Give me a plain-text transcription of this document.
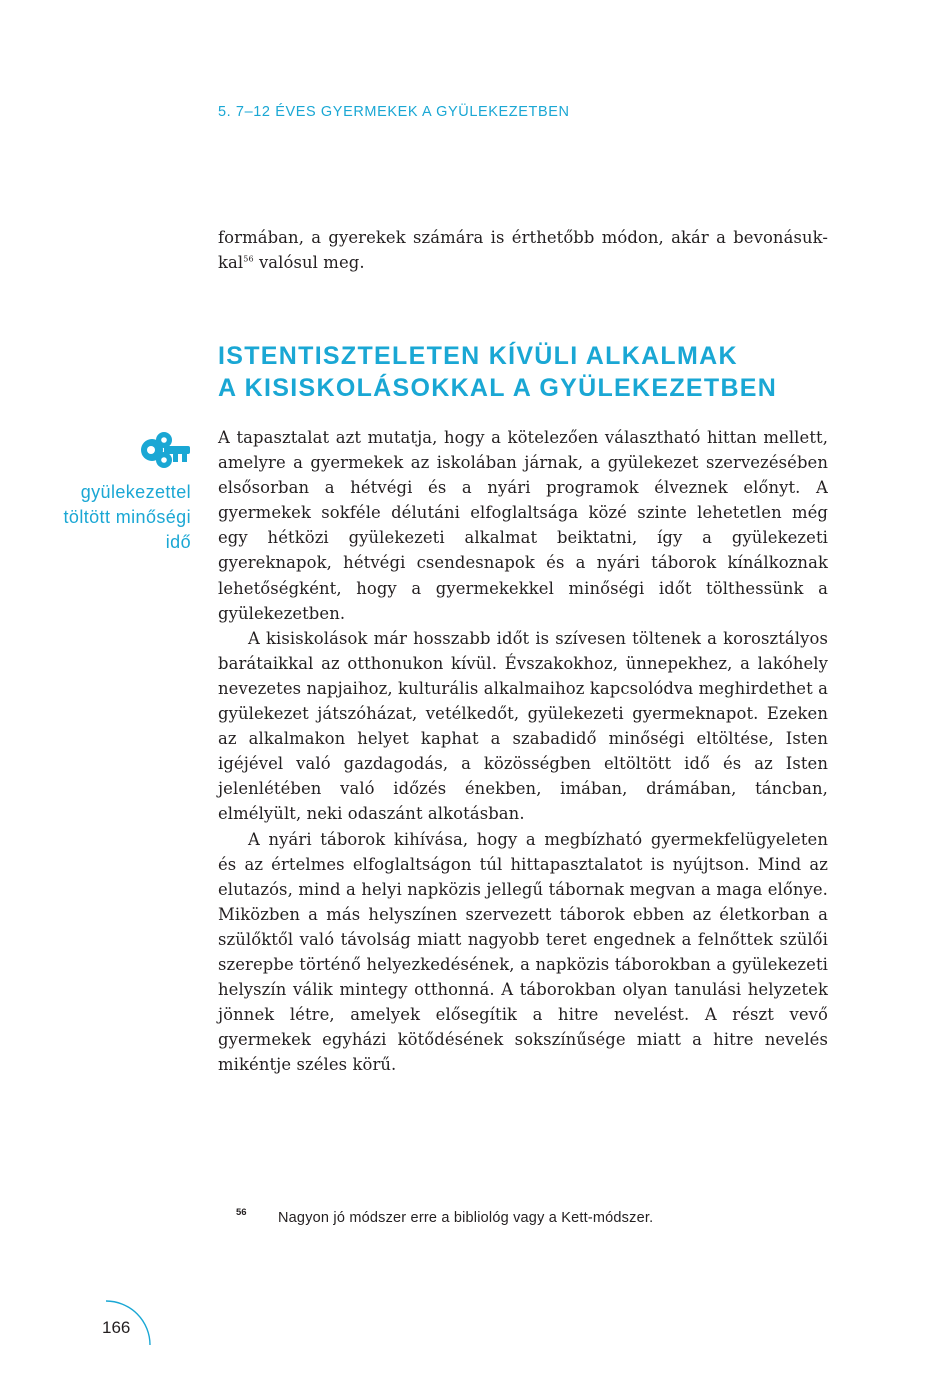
5. 7–12 ÉVES GYERMEKEK A GYÜLEKEZETBEN
formában, a gyerekek számára is érthetőbb módon, akár a bevonásuk-kal$^{56}$ valósul meg.
ISTENTISZTELETEN KÍVÜLI ALKALMAK
A KISISKOLÁSOKKAL A GYÜLEKEZETBEN
gyülekezettel
töltött minőségi
idő

A tapasztalat azt mutatja, hogy a kötelezően választható hittan mellett, amelyre a gyermekek az iskolában járnak, a gyülekezet szervezésében elsősorban a hétvégi és a nyári programok élveznek előnyt. A gyermekek sokféle délutáni elfoglaltsága közé szinte lehetetlen még egy hétközi gyülekezeti alkalmat beiktatni, így a gyülekezeti gyereknapok, hétvégi csendesnapok és a nyári táborok kínálkoznak lehetőségként, hogy a gyermekekkel minőségi időt tölthessünk a gyülekezetben.

A kisiskolások már hosszabb időt is szívesen töltenek a korosztályos barátaikkal az otthonukon kívül. Évszakokhoz, ünnepekhez, a lakóhely nevezetes napjaihoz, kulturális alkalmaihoz kapcsolódva meghirdethet a gyülekezet játszóházat, vetélkedőt, gyülekezeti gyermeknapot. Ezeken az alkalmakon helyet kaphat a szabadidő minőségi eltöltése, Isten igéjével való gazdagodás, a közösségben eltöltött idő és az Isten jelenlétében való időzés énekben, imában, drámában, táncban, elmélyült, neki odaszánt alkotásban.

A nyári táborok kihívása, hogy a megbízható gyermekfelügyeleten és az értelmes elfoglaltságon túl hittapasztalatot is nyújtson. Mind az elutazós, mind a helyi napközis jellegű tábornak megvan a maga előnye. Miközben a más helyszínen szervezett táborok ebben az életkorban a szülőktől való távolság miatt nagyobb teret engednek a felnőttek szülői szerepbe történő helyezkedésének, a napközis táborokban a gyülekezeti helyszín válik mintegy otthonná. A táborokban olyan tanulási helyzetek jönnek létre, amelyek elősegítik a hitre nevelést. A részt vevő gyermekek egyházi kötődésének sokszínűsége miatt a hitre nevelés mikéntje széles körű.

56 Nagyon jó módszer erre a bibliológ vagy a Kett-módszer.
166
